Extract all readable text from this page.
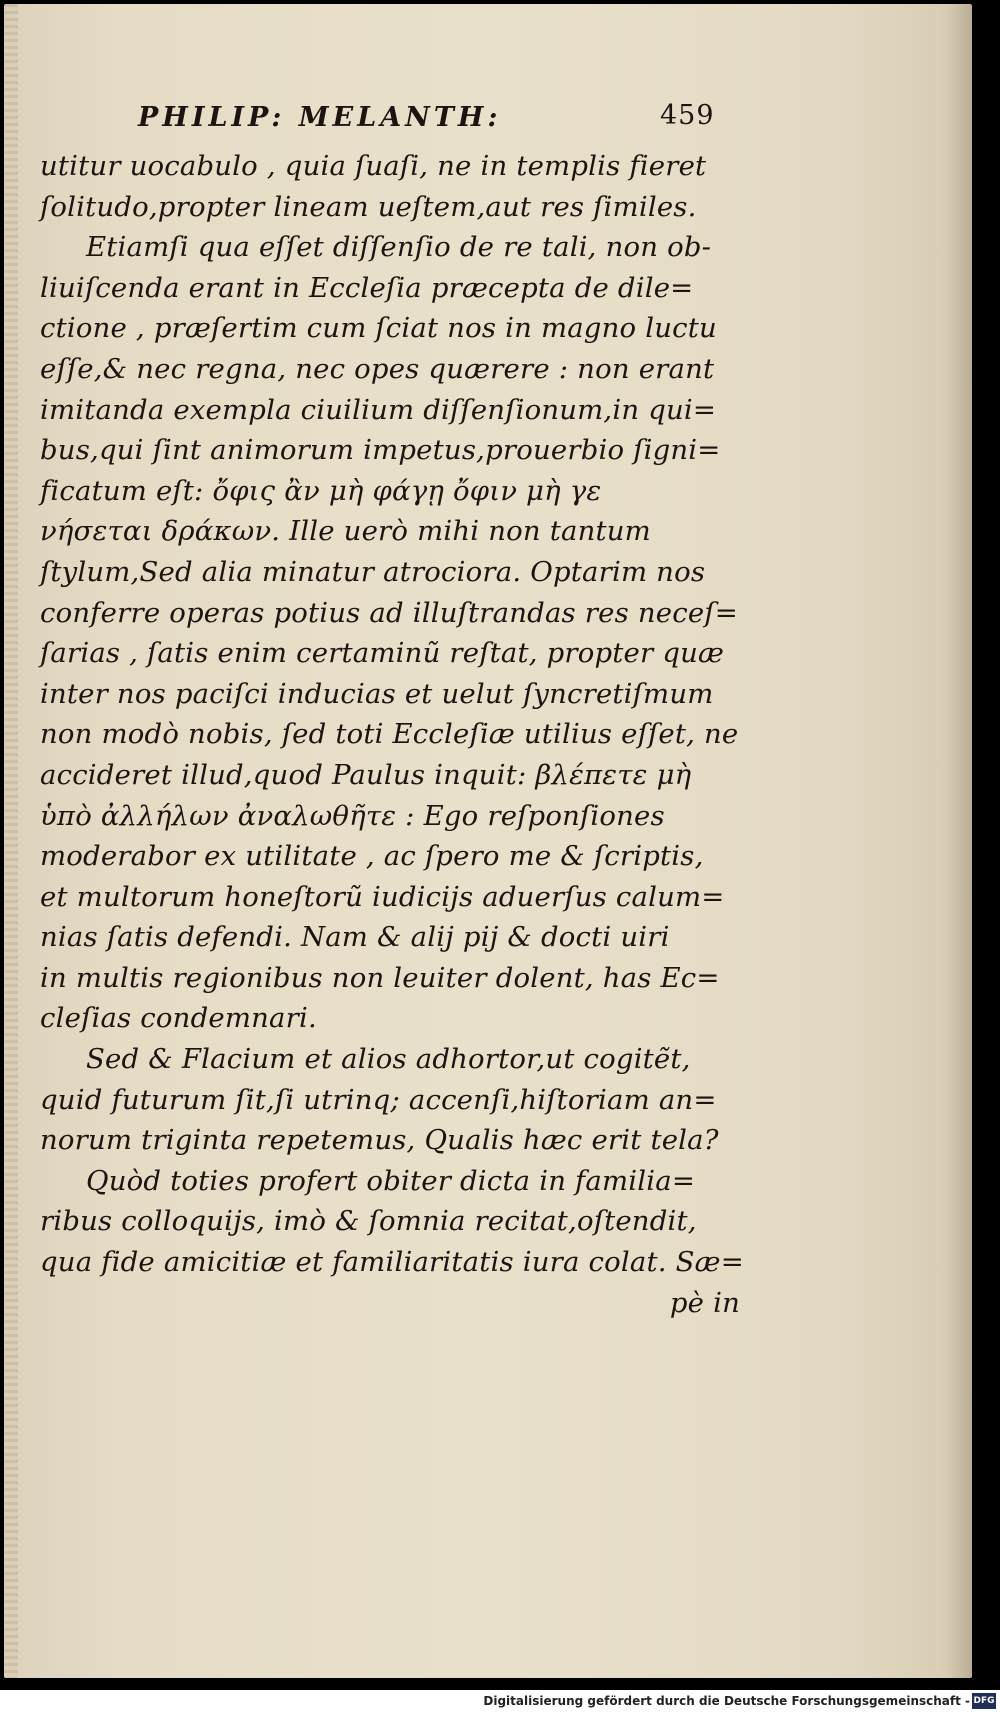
PHILIP: MELANTH:	459
utitur uocabulo , quia ſuaſi, ne in templis fieret
ſolitudo,propter lineam ueſtem,aut res ſimiles.
Etiamſi qua eſſet diſſenſio de re tali, non ob-
liuiſcenda erant in Eccleſia præcepta de dile=
ctione , præſertim cum ſciat nos in magno luctu
eſſe,& nec regna, nec opes quærere : non erant
imitanda exempla ciuilium diſſenſionum,in qui=
bus,qui ſint animorum impetus,prouerbio ſigni=
ficatum eſt: ὄφις ἂν μὴ φάγῃ ὄφιν μὴ γε
νήσεται δράκων. Ille uerò mihi non tantum
ſtylum,Sed alia minatur atrociora. Optarim nos
conferre operas potius ad illuſtrandas res neceſ=
ſarias , ſatis enim certaminũ reſtat, propter quæ
inter nos paciſci inducias et uelut ſyncretiſmum
non modò nobis, ſed toti Eccleſiæ utilius eſſet, ne
accideret illud,quod Paulus inquit: βλέπετε μὴ
ὑπὸ ἀλλήλων ἀναλωθῆτε : Ego reſponſiones
moderabor ex utilitate , ac ſpero me & ſcriptis,
et multorum honeſtorũ iudicijs aduerſus calum=
nias ſatis defendi. Nam & alij pij & docti uiri
in multis regionibus non leuiter dolent, has Ec=
cleſias condemnari.
Sed & Flacium et alios adhortor,ut cogitẽt,
quid futurum ſit,ſi utrinq; accenſi,hiſtoriam an=
norum triginta repetemus, Qualis hæc erit tela?
Quòd toties profert obiter dicta in familia=
ribus colloquijs, imò & ſomnia recitat,oſtendit,
qua fide amicitiæ et familiaritatis iura colat. Sæ=
pè in
Digitalisierung gefördert durch die Deutsche Forschungsgemeinschaft - DFG
